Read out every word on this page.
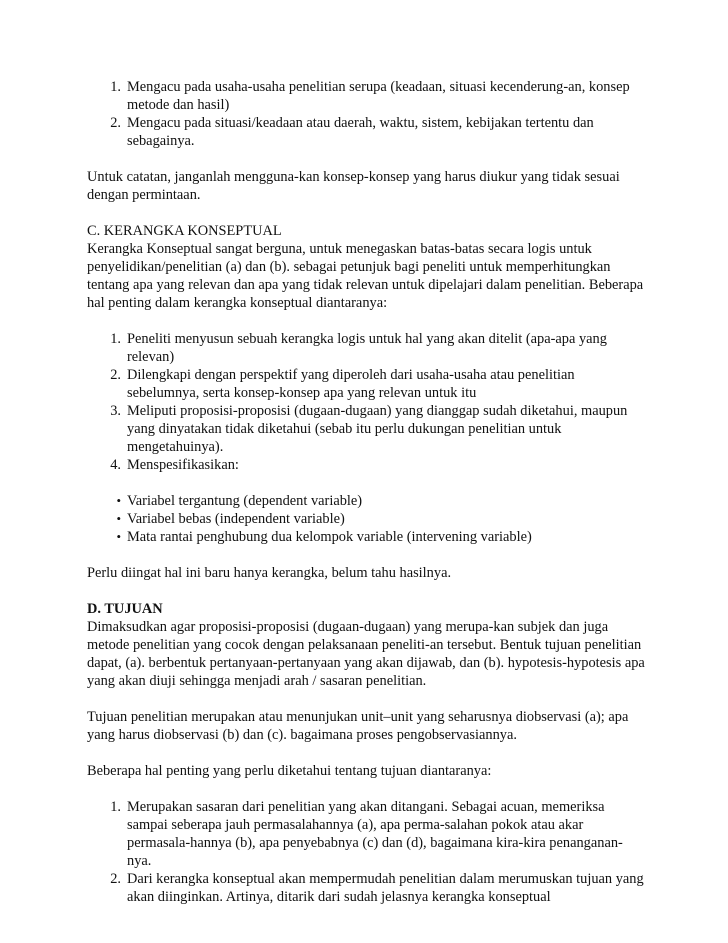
1. Mengacu pada usaha-usaha penelitian serupa (keadaan, situasi kecenderung-an, konsep metode dan hasil)
2. Mengacu pada situasi/keadaan atau daerah, waktu, sistem, kebijakan tertentu dan sebagainya.

Untuk catatan, janganlah mengguna-kan konsep-konsep yang harus diukur yang tidak sesuai dengan permintaan.

C. KERANGKA KONSEPTUAL

Kerangka Konseptual sangat berguna, untuk menegaskan batas-batas secara logis untuk penyelidikan/penelitian (a) dan (b). sebagai petunjuk bagi peneliti untuk memperhitungkan tentang apa yang relevan dan apa yang tidak relevan untuk dipelajari dalam penelitian. Beberapa hal penting dalam kerangka konseptual diantaranya:

1. Peneliti menyusun sebuah kerangka logis untuk hal yang akan ditelit (apa-apa yang relevan)
2. Dilengkapi dengan perspektif yang diperoleh dari usaha-usaha atau penelitian sebelumnya, serta konsep-konsep apa yang relevan untuk itu
3. Meliputi proposisi-proposisi (dugaan-dugaan) yang dianggap sudah diketahui, maupun yang dinyatakan tidak diketahui (sebab itu perlu dukungan penelitian untuk mengetahuinya).
4. Menspesifikasikan:
• Variabel tergantung (dependent variable)
• Variabel bebas (independent variable)
• Mata rantai penghubung dua kelompok variable (intervening variable)

Perlu diingat hal ini baru hanya kerangka, belum tahu hasilnya.

D. TUJUAN

Dimaksudkan agar proposisi-proposisi (dugaan-dugaan) yang merupa-kan subjek dan juga metode penelitian yang cocok dengan pelaksanaan peneliti-an tersebut. Bentuk tujuan penelitian dapat, (a). berbentuk pertanyaan-pertanyaan yang akan dijawab, dan (b). hypotesis-hypotesis apa yang akan diuji sehingga menjadi arah / sasaran penelitian.

Tujuan penelitian merupakan atau menunjukan unit–unit yang seharusnya diobservasi (a); apa yang harus diobservasi (b) dan (c). bagaimana proses pengobservasiannya.

Beberapa hal penting yang perlu diketahui tentang tujuan diantaranya:

1. Merupakan sasaran dari penelitian yang akan ditangani. Sebagai acuan, memeriksa sampai seberapa jauh permasalahannya (a), apa perma-salahan pokok atau akar permasala-hannya (b), apa penyebabnya (c) dan (d), bagaimana kira-kira penanganan-nya.
2. Dari kerangka konseptual akan mempermudah penelitian dalam merumuskan tujuan yang akan diinginkan. Artinya, ditarik dari sudah jelasnya kerangka konseptual
